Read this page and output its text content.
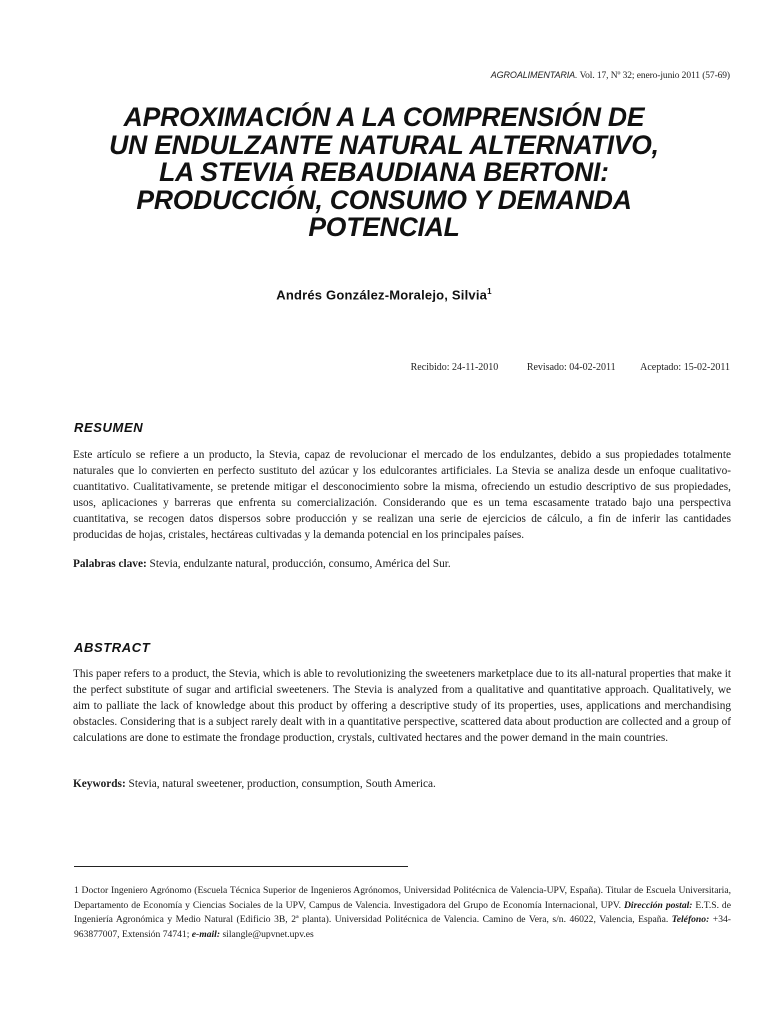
AGROALIMENTARIA. Vol. 17, Nº 32; enero-junio 2011 (57-69)
APROXIMACIÓN A LA COMPRENSIÓN DE
UN ENDULZANTE NATURAL ALTERNATIVO,
LA STEVIA REBAUDIANA BERTONI:
PRODUCCIÓN, CONSUMO Y DEMANDA
POTENCIAL
Andrés González-Moralejo, Silvia$^1$
Recibido: 24-11-2010	Revisado: 04-02-2011 Aceptado: 15-02-2011
RESUMEN

Este artículo se refiere a un producto, la Stevia, capaz de revolucionar el mercado de los endulzantes, debido a sus propiedades totalmente naturales que lo convierten en perfecto sustituto del azúcar y los edulcorantes artificiales. La Stevia se analiza desde un enfoque cualitativo-cuantitativo. Cualitativamente, se pretende mitigar el desconocimiento sobre la misma, ofreciendo un estudio descriptivo de sus propiedades, usos, aplicaciones y barreras que enfrenta su comercialización. Considerando que es un tema escasamente tratado bajo una perspectiva cuantitativa, se recogen datos dispersos sobre producción y se realizan una serie de ejercicios de cálculo, a fin de inferir las cantidades producidas de hojas, cristales, hectáreas cultivadas y la demanda potencial en los principales países.

Palabras clave: Stevia, endulzante natural, producción, consumo, América del Sur.

ABSTRACT

This paper refers to a product, the Stevia, which is able to revolutionizing the sweeteners marketplace due to its all-natural properties that make it the perfect substitute of sugar and artificial sweeteners. The Stevia is analyzed from a qualitative and quantitative approach. Qualitatively, we aim to palliate the lack of knowledge about this product by offering a descriptive study of its properties, uses, applications and merchandising obstacles. Considering that is a subject rarely dealt with in a quantitative perspective, scattered data about production are collected and a group of calculations are done to estimate the frondage production, crystals, cultivated hectares and the power demand in the main countries.

Keywords: Stevia, natural sweetener, production, consumption, South America.

1 Doctor Ingeniero Agrónomo (Escuela Técnica Superior de Ingenieros Agrónomos, Universidad Politécnica de Valencia-UPV, España). Titular de Escuela Universitaria, Departamento de Economía y Ciencias Sociales de la UPV, Campus de Valencia. Investigadora del Grupo de Economía Internacional, UPV. Dirección postal: E.T.S. de Ingeniería Agronómica y Medio Natural (Edificio 3B, 2ª planta). Universidad Politécnica de Valencia. Camino de Vera, s/n. 46022, Valencia, España. Teléfono: +34-963877007, Extensión 74741; e-mail: silangle@upvnet.upv.es
